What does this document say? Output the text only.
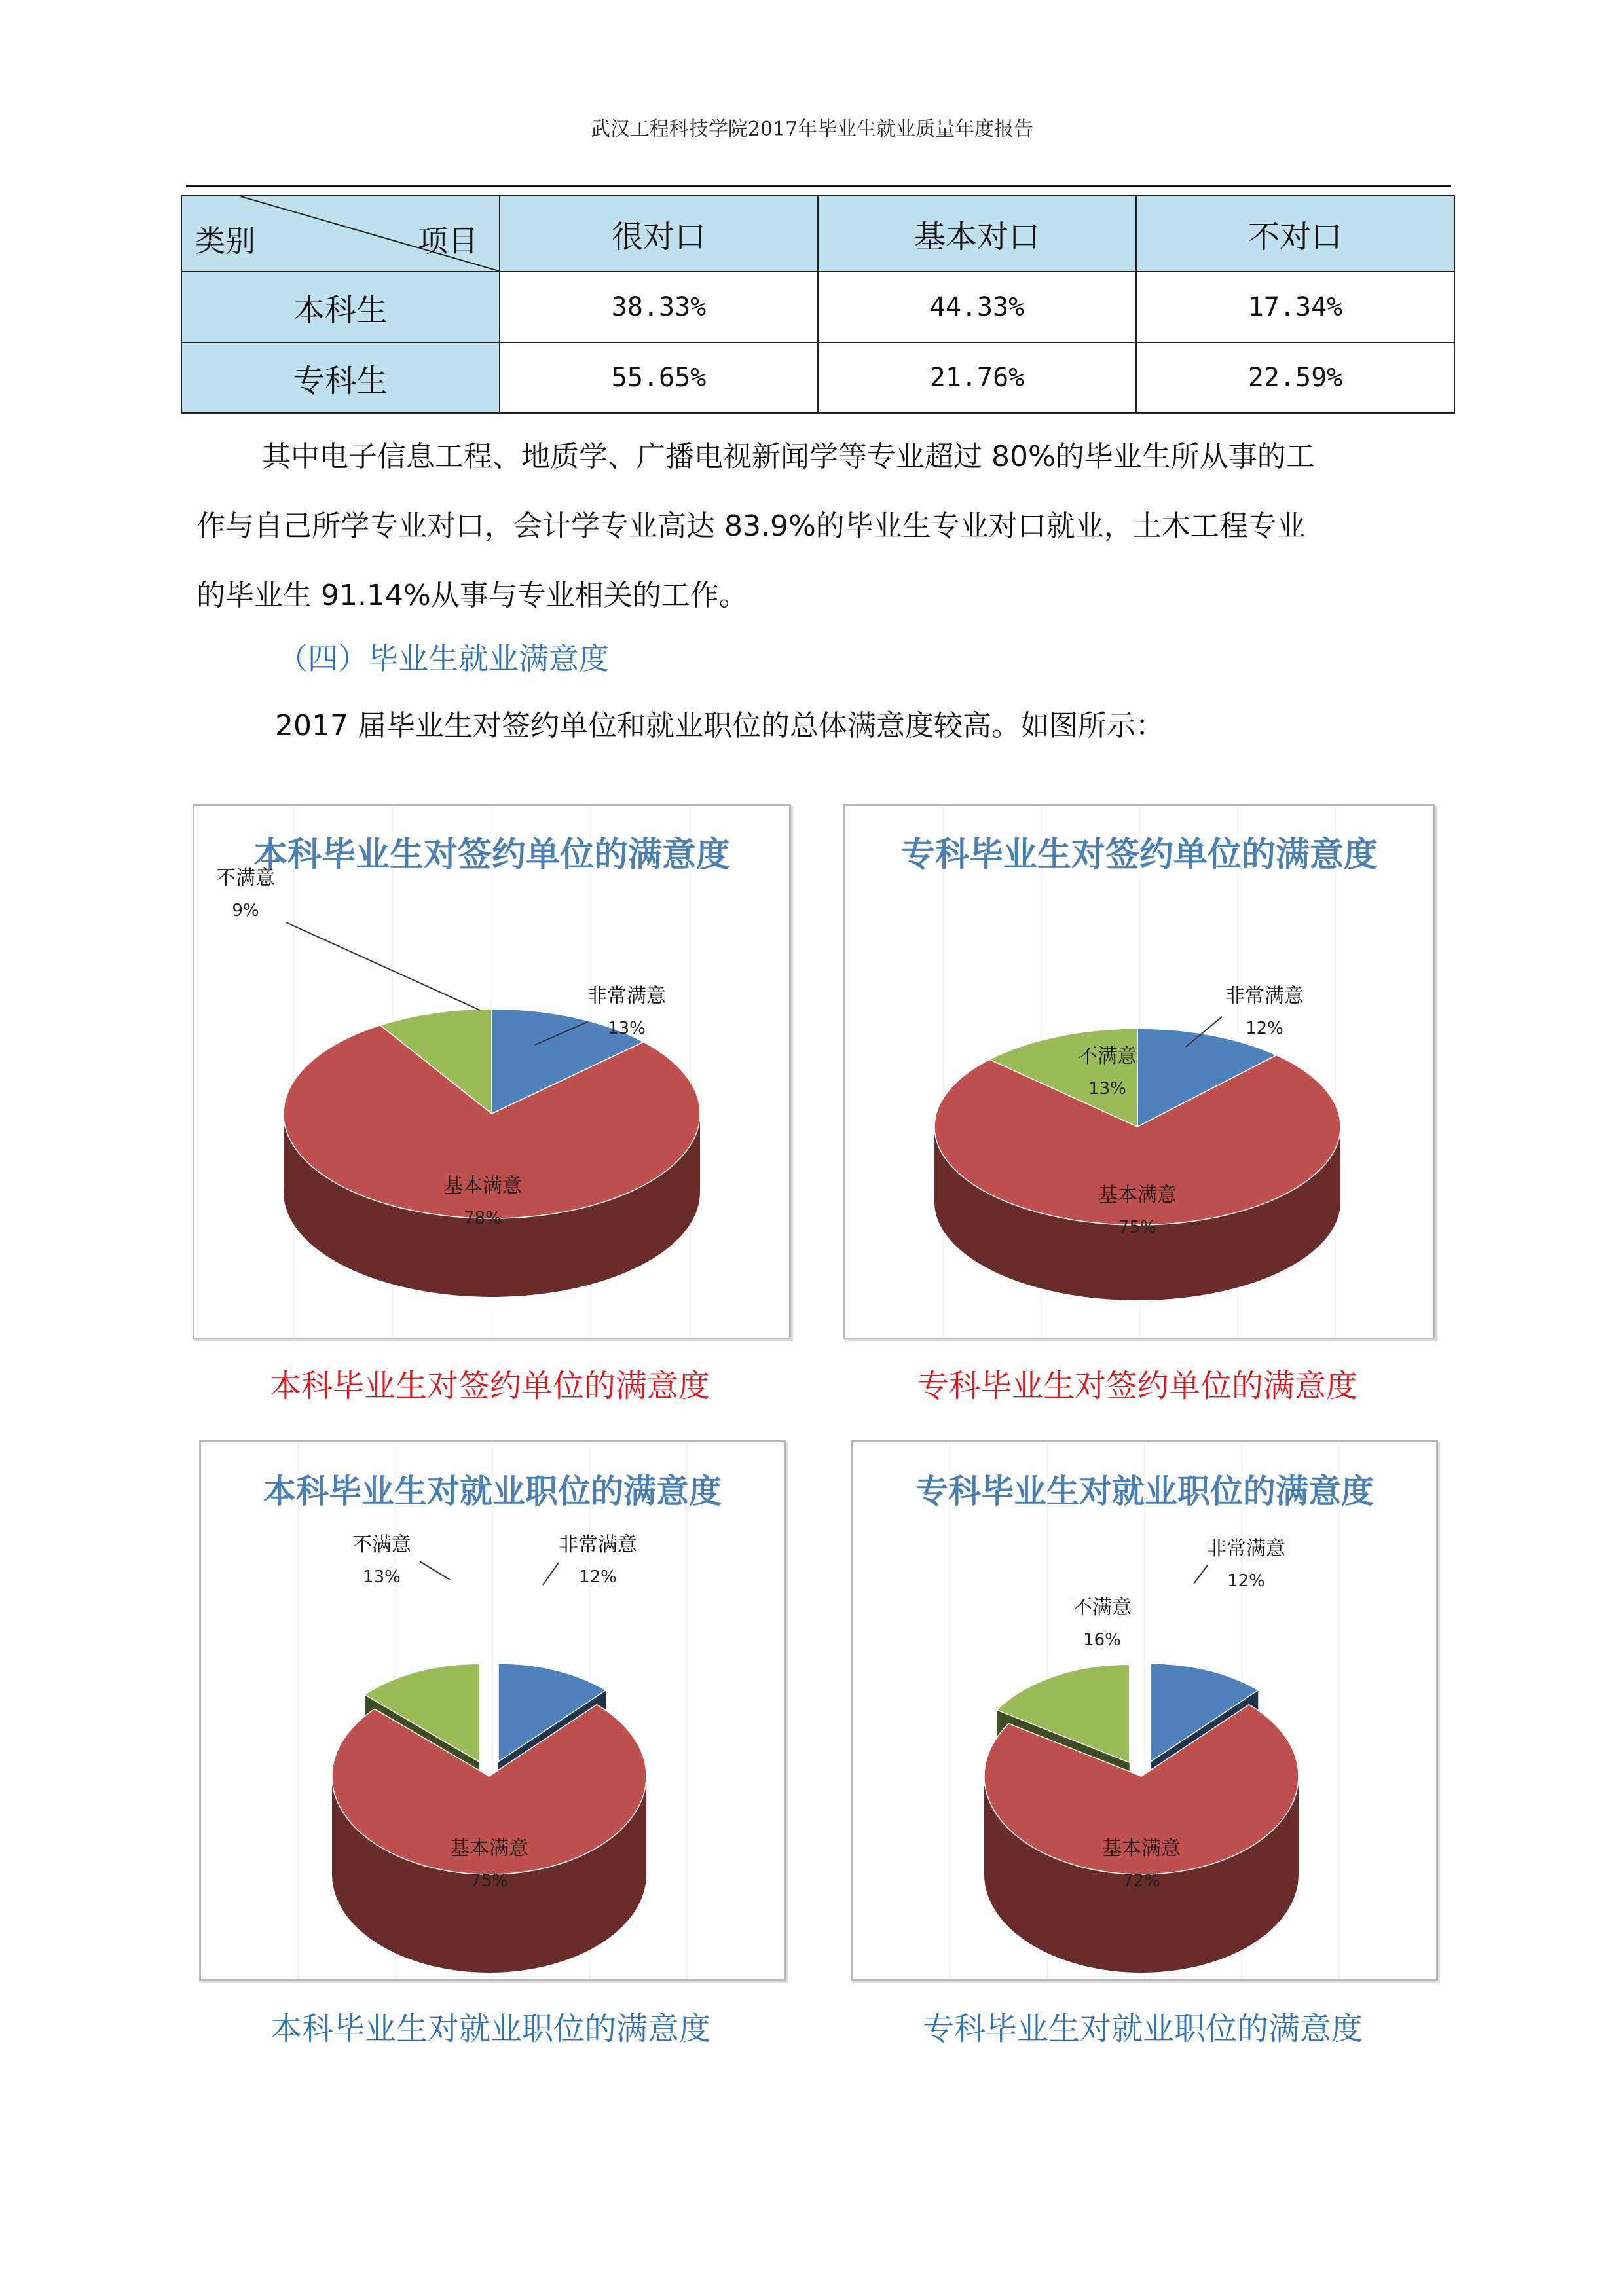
武汉工程科技学院2017年毕业生就业质量年度报告
类别 项目	很对口	基本对口	不对口
本科生	38.33%	44.33%	17.34%
专科生	55.65%	21.76%	22.59%
其中电子信息工程、地质学、广播电视新闻学等专业超过 80%的毕业生所从事的工
作与自己所学专业对口，会计学专业高达 83.9%的毕业生专业对口就业，土木工程专业
的毕业生 91.14%从事与专业相关的工作。
（四）毕业生就业满意度
2017 届毕业生对签约单位和就业职位的总体满意度较高。如图所示：
本科毕业生对签约单位的满意度
非常满意
13%
基本满意
78%
不满意
9%
本科毕业生对签约单位的满意度
专科毕业生对签约单位的满意度
非常满意
12%
基本满意
75%
不满意
13%
专科毕业生对签约单位的满意度
本科毕业生对就业职位的满意度
非常满意
12%
基本满意
75%
不满意
13%
本科毕业生对就业职位的满意度
专科毕业生对就业职位的满意度
非常满意
12%
基本满意
72%
不满意
16%
专科毕业生对就业职位的满意度
